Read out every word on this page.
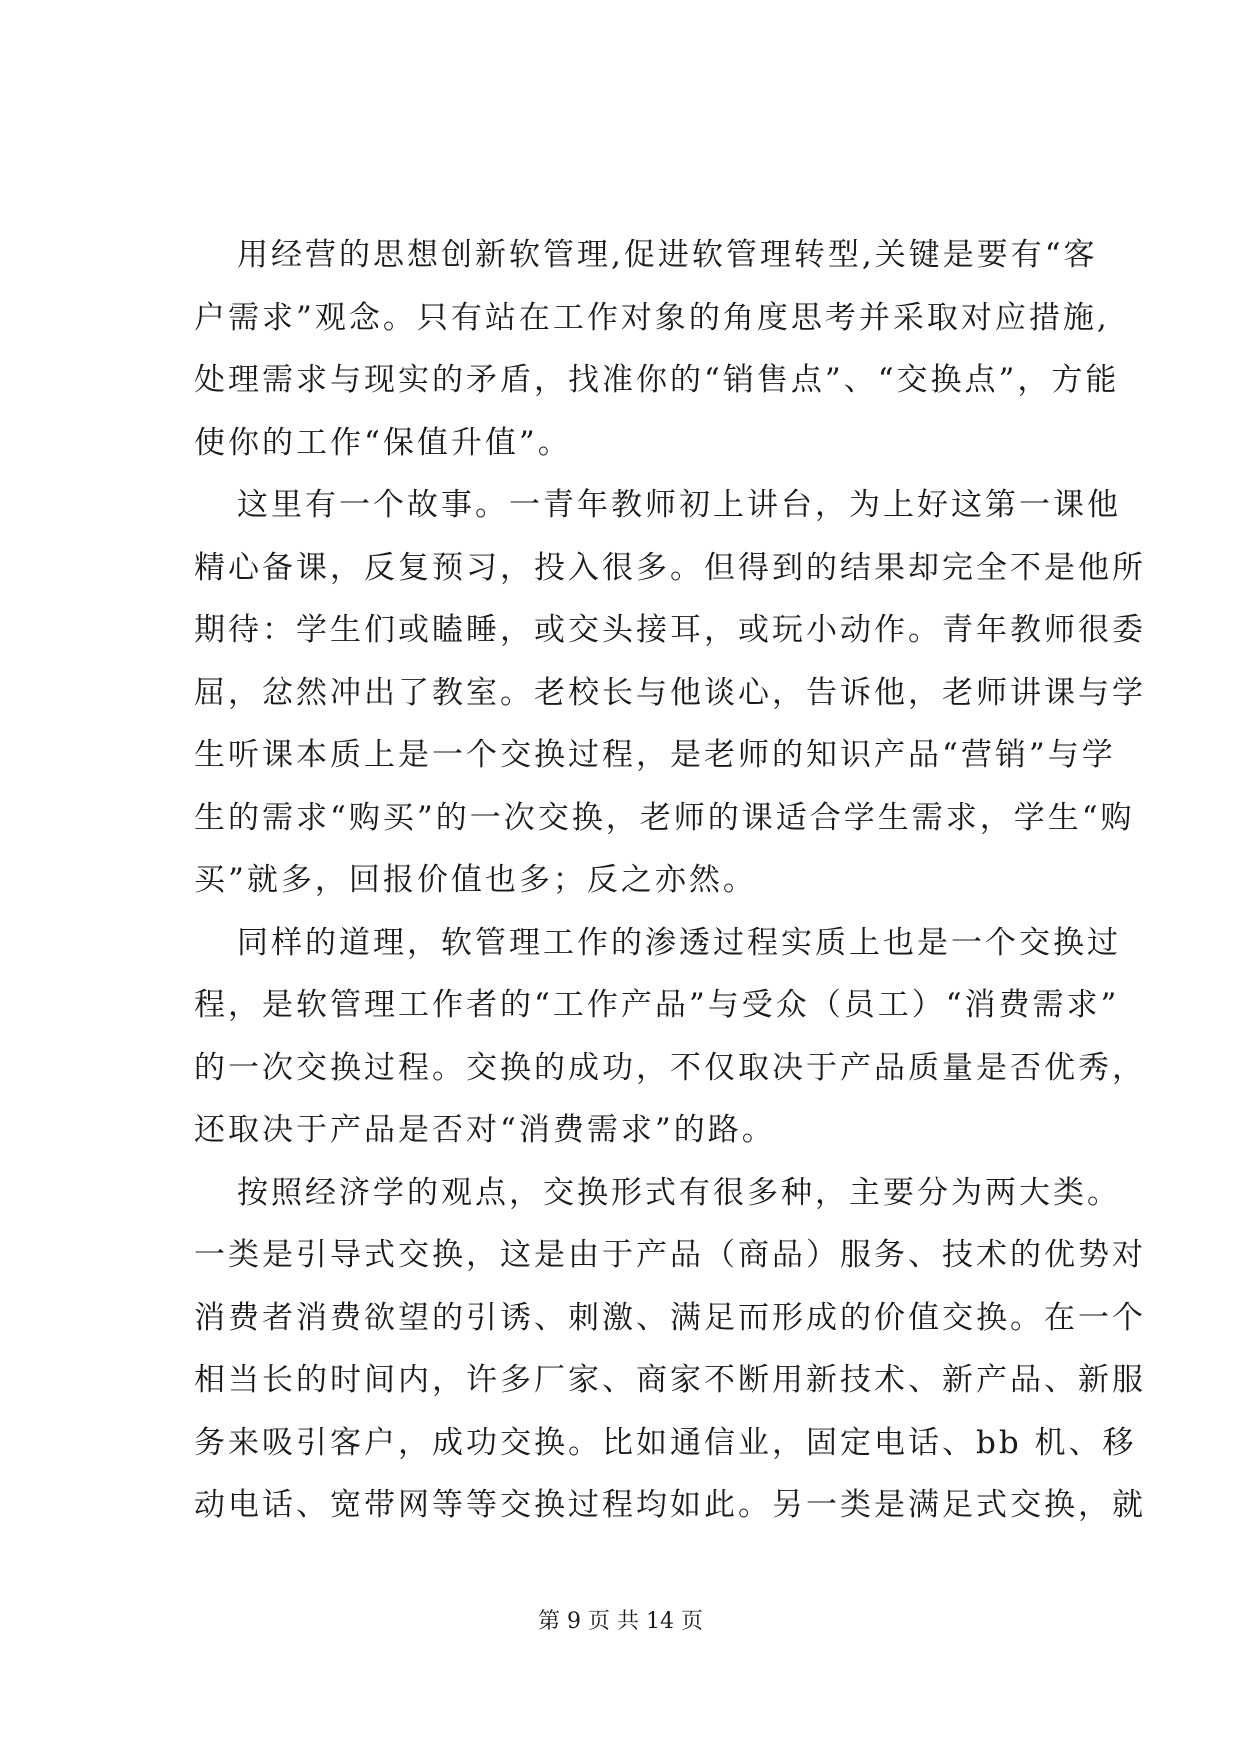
用经营的思想创新软管理,促进软管理转型,关键是要有“客
户需求”观念。只有站在工作对象的角度思考并采取对应措施,
处理需求与现实的矛盾，找准你的“销售点”、“交换点”，方能
使你的工作“保值升值”。
这里有一个故事。一青年教师初上讲台，为上好这第一课他
精心备课，反复预习，投入很多。但得到的结果却完全不是他所
期待：学生们或瞌睡，或交头接耳，或玩小动作。青年教师很委
屈，忿然冲出了教室。老校长与他谈心，告诉他，老师讲课与学
生听课本质上是一个交换过程，是老师的知识产品“营销”与学
生的需求“购买”的一次交换，老师的课适合学生需求，学生“购
买”就多，回报价值也多；反之亦然。
同样的道理，软管理工作的渗透过程实质上也是一个交换过
程，是软管理工作者的“工作产品”与受众（员工）“消费需求”
的一次交换过程。交换的成功，不仅取决于产品质量是否优秀，
还取决于产品是否对“消费需求”的路。
按照经济学的观点，交换形式有很多种，主要分为两大类。
一类是引导式交换，这是由于产品（商品）服务、技术的优势对
消费者消费欲望的引诱、刺激、满足而形成的价值交换。在一个
相当长的时间内，许多厂家、商家不断用新技术、新产品、新服
务来吸引客户，成功交换。比如通信业，固定电话、bb 机、移
动电话、宽带网等等交换过程均如此。另一类是满足式交换，就
第 9 页 共 14 页
